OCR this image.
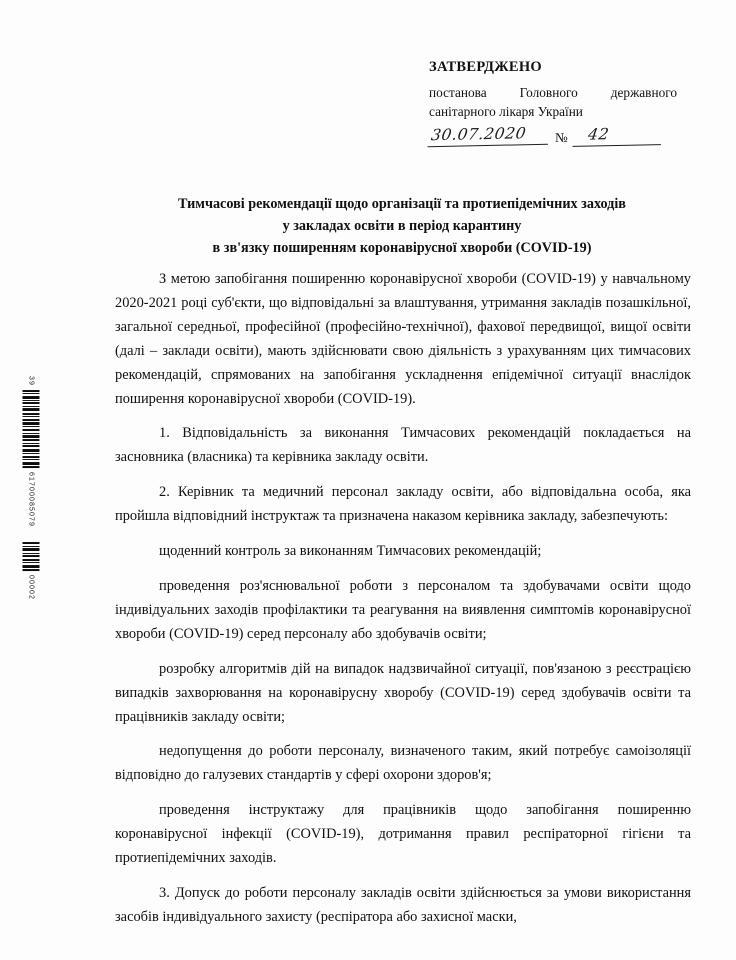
39
61700085079
00002
ЗАТВЕРДЖЕНО
постанова Головного державного
санітарного лікаря України
30.07.2020	№	42
Тимчасові рекомендації щодо організації та протиепідемічних заходів
у закладах освіти в період карантину
в зв'язку поширенням коронавірусної хвороби (COVID-19)

З метою запобігання поширенню коронавірусної хвороби (COVID-19) у навчальному 2020-2021 році суб'єкти, що відповідальні за влаштування, утримання закладів позашкільної, загальної середньої, професійної (професійно-технічної), фахової передвищої, вищої освіти (далі – заклади освіти), мають здійснювати свою діяльність з урахуванням цих тимчасових рекомендацій, спрямованих на запобігання ускладнення епідемічної ситуації внаслідок поширення коронавірусної хвороби (COVID-19).

1. Відповідальність за виконання Тимчасових рекомендацій покладається на засновника (власника) та керівника закладу освіти.

2. Керівник та медичний персонал закладу освіти, або відповідальна особа, яка пройшла відповідний інструктаж та призначена наказом керівника закладу, забезпечують:

щоденний контроль за виконанням Тимчасових рекомендацій;

проведення роз'яснювальної роботи з персоналом та здобувачами освіти щодо індивідуальних заходів профілактики та реагування на виявлення симптомів коронавірусної хвороби (COVID-19) серед персоналу або здобувачів освіти;

розробку алгоритмів дій на випадок надзвичайної ситуації, пов'язаною з реєстрацією випадків захворювання на коронавірусну хворобу (COVID-19) серед здобувачів освіти та працівників закладу освіти;

недопущення до роботи персоналу, визначеного таким, який потребує самоізоляції відповідно до галузевих стандартів у сфері охорони здоров'я;

проведення інструктажу для працівників щодо запобігання поширенню коронавірусної інфекції (COVID-19), дотримання правил респіраторної гігієни та протиепідемічних заходів.

3. Допуск до роботи персоналу закладів освіти здійснюється за умови використання засобів індивідуального захисту (респіратора або захисної маски,
